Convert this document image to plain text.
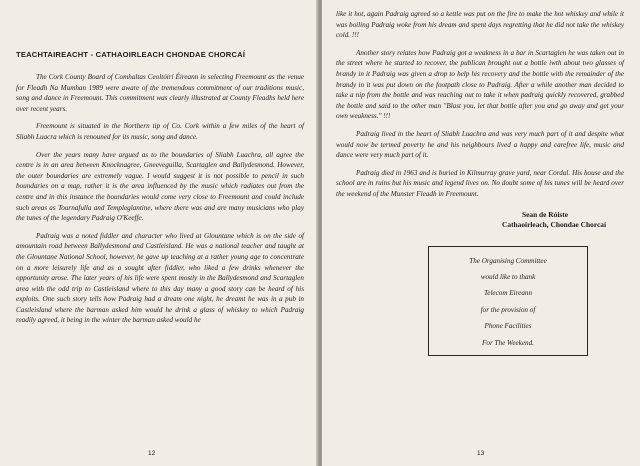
TEACHTAIREACHT - CATHAOIRLEACH CHONDAE CHORCAÍ

The Cork County Board of Comhaltas Ceoltóirí Éireann in selecting Freemount as the venue for Fleadh Na Mumhan 1989 were aware of the tremendous commitment of our traditions music, song and dance in Freemount. This commitment was clearly illustrated at County Fleadhs held here over recent years.

Freemount is situated in the Northern tip of Co. Cork within a few miles of the heart of Sliabh Luacra which is renouned for its music, song and dance.

Over the years many have argued as to the boundaries of Sliabh Luachra, all agree the centre is in an area between Knocknagree, Gneeveguilla, Scartaglen and Ballydesmond. However, the outer boundaries are extremely vague. I would suggest it is not possible to pencil in such boundaries on a map, rather it is the area influenced by the music which radiates out from the centre and in this instance the boundaries would come very close to Freemount and could include such areas as Tournafulla and Templeglantine, where there was and are many musicians who play the tunes of the legendary Padraig O'Keeffe.

Padraig was a noted fiddler and character who lived at Glountane which is on the side of amountain road between Ballydesmond and Castleisland. He was a national teacher and taught at the Glountane National School, however, he gave up teaching at a rather young age to concentrate on a more leisurely life and as a sought after fiddler, who liked a few drinks whenever the opportunity arose. The later years of his life were spent mostly in the Ballydesmond and Scartaglen area with the odd trip to Castleisland where to this day many a good story can be heard of his exploits. One such story tells how Padraig had a dream one night, he dreamt he was in a pub in Castleisland where the barman asked him would he drink a glass of whiskey to which Padraig readily agreed, it being in the winter the barman asked would he

12

like it hot, again Padraig agreed so a kettle was put on the fire to make the hot whiskey and while it was boiling Padraig woke from his dream and spent days regretting that he did not take the whiskey cold. !!!

Another story relates how Padraig got a weakness in a bar in Scartaglen he was taken out in the street where he started to recover, the publican brought out a bottle iwth about two glasses of brandy in it Padraig was given a drop to help his recovery and the bottle with the remainder of the brandy in it was put down on the footpath close to Padraig. After a while another man decided to take a nip from the bottle and was reaching out to take it when padraig quickly recovered, grabbed the bottle and said to the other man "Blast you, let that bottle after you and go away and get your own weakness." !!!

Padraig lived in the heart of Sliabh Luachra and was very much part of it and despite what would now be termed poverty he and his neighbours lived a happy and carefree life, music and dance were very much part of it.

Padraig died in 1963 and is buried in Kilmurray grave yard, near Cordal. His house and the school are in ruins but his music and legend lives on. No doubt some of his tunes will be heard over the weekend of the Munster Fleadh in Freemount.

Sean de Róiste
Cathaoirleach, Chondae Chorcaí
The Organising Committee
would like to thank
Telecom Eireann
for the provision of
Phone Facilities
For The Weekend.
13
